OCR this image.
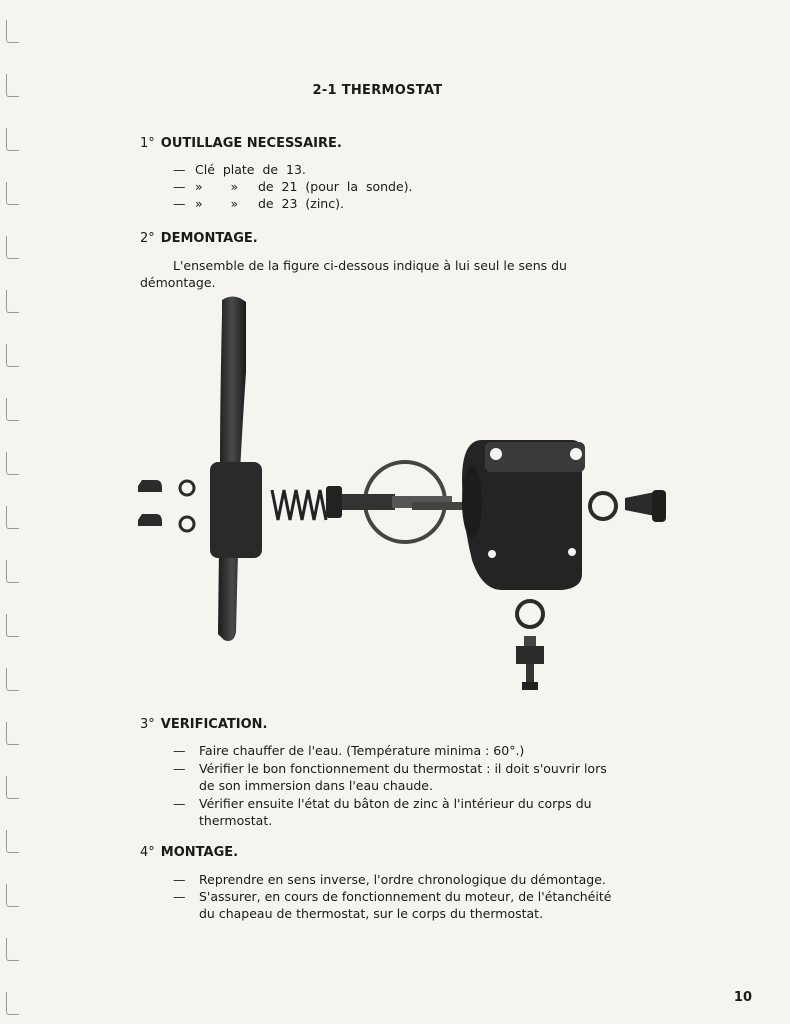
2-1 THERMOSTAT
1° OUTILLAGE NECESSAIRE.
— Clé  plate  de  13.
— »       »     de  21  (pour  la  sonde).
— »       »     de  23  (zinc).
2° DEMONTAGE.
L'ensemble de la figure ci-dessous indique à lui seul le sens du démontage.
3° VERIFICATION.
—	Faire chauffer de l'eau. (Température minima : 60°.)
—	Vérifier le bon fonctionnement du thermostat : il doit s'ouvrir lors de son immersion dans l'eau chaude.
—	Vérifier ensuite l'état du bâton de zinc à l'intérieur du corps du thermostat.
4° MONTAGE.
—	Reprendre en sens inverse, l'ordre chronologique du démontage.
—	S'assurer, en cours de fonctionnement du moteur, de l'étanchéité du chapeau de thermostat, sur le corps du thermostat.
10
